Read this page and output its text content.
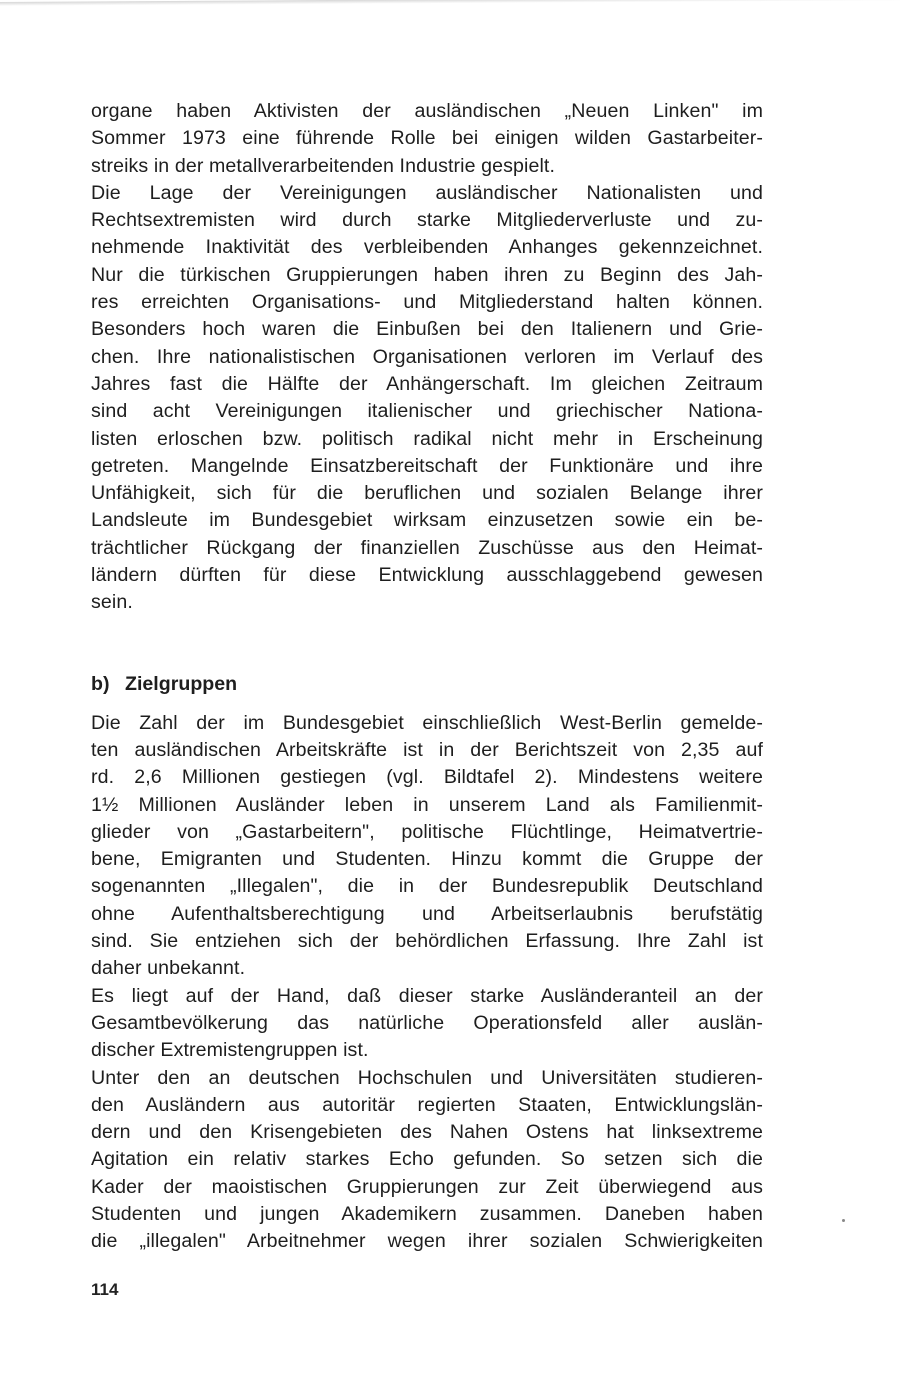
organe haben Aktivisten der ausländischen „Neuen Linken" im
Sommer 1973 eine führende Rolle bei einigen wilden Gastarbeiter-
streiks in der metallverarbeitenden Industrie gespielt.

Die Lage der Vereinigungen ausländischer Nationalisten und
Rechtsextremisten wird durch starke Mitgliederverluste und zu-
nehmende Inaktivität des verbleibenden Anhanges gekennzeichnet.
Nur die türkischen Gruppierungen haben ihren zu Beginn des Jah-
res erreichten Organisations- und Mitgliederstand halten können.
Besonders hoch waren die Einbußen bei den Italienern und Grie-
chen. Ihre nationalistischen Organisationen verloren im Verlauf des
Jahres fast die Hälfte der Anhängerschaft. Im gleichen Zeitraum
sind acht Vereinigungen italienischer und griechischer Nationa-
listen erloschen bzw. politisch radikal nicht mehr in Erscheinung
getreten. Mangelnde Einsatzbereitschaft der Funktionäre und ihre
Unfähigkeit, sich für die beruflichen und sozialen Belange ihrer
Landsleute im Bundesgebiet wirksam einzusetzen sowie ein be-
trächtlicher Rückgang der finanziellen Zuschüsse aus den Heimat-
ländern dürften für diese Entwicklung ausschlaggebend gewesen
sein.

b) Zielgruppen

Die Zahl der im Bundesgebiet einschließlich West-Berlin gemelde-
ten ausländischen Arbeitskräfte ist in der Berichtszeit von 2,35 auf
rd. 2,6 Millionen gestiegen (vgl. Bildtafel 2). Mindestens weitere
1½ Millionen Ausländer leben in unserem Land als Familienmit-
glieder von „Gastarbeitern", politische Flüchtlinge, Heimatvertrie-
bene, Emigranten und Studenten. Hinzu kommt die Gruppe der
sogenannten „Illegalen", die in der Bundesrepublik Deutschland
ohne Aufenthaltsberechtigung und Arbeitserlaubnis berufstätig
sind. Sie entziehen sich der behördlichen Erfassung. Ihre Zahl ist
daher unbekannt.

Es liegt auf der Hand, daß dieser starke Ausländeranteil an der
Gesamtbevölkerung das natürliche Operationsfeld aller auslän-
discher Extremistengruppen ist.

Unter den an deutschen Hochschulen und Universitäten studieren-
den Ausländern aus autoritär regierten Staaten, Entwicklungslän-
dern und den Krisengebieten des Nahen Ostens hat linksextreme
Agitation ein relativ starkes Echo gefunden. So setzen sich die
Kader der maoistischen Gruppierungen zur Zeit überwiegend aus
Studenten und jungen Akademikern zusammen. Daneben haben
die „illegalen" Arbeitnehmer wegen ihrer sozialen Schwierigkeiten

114
